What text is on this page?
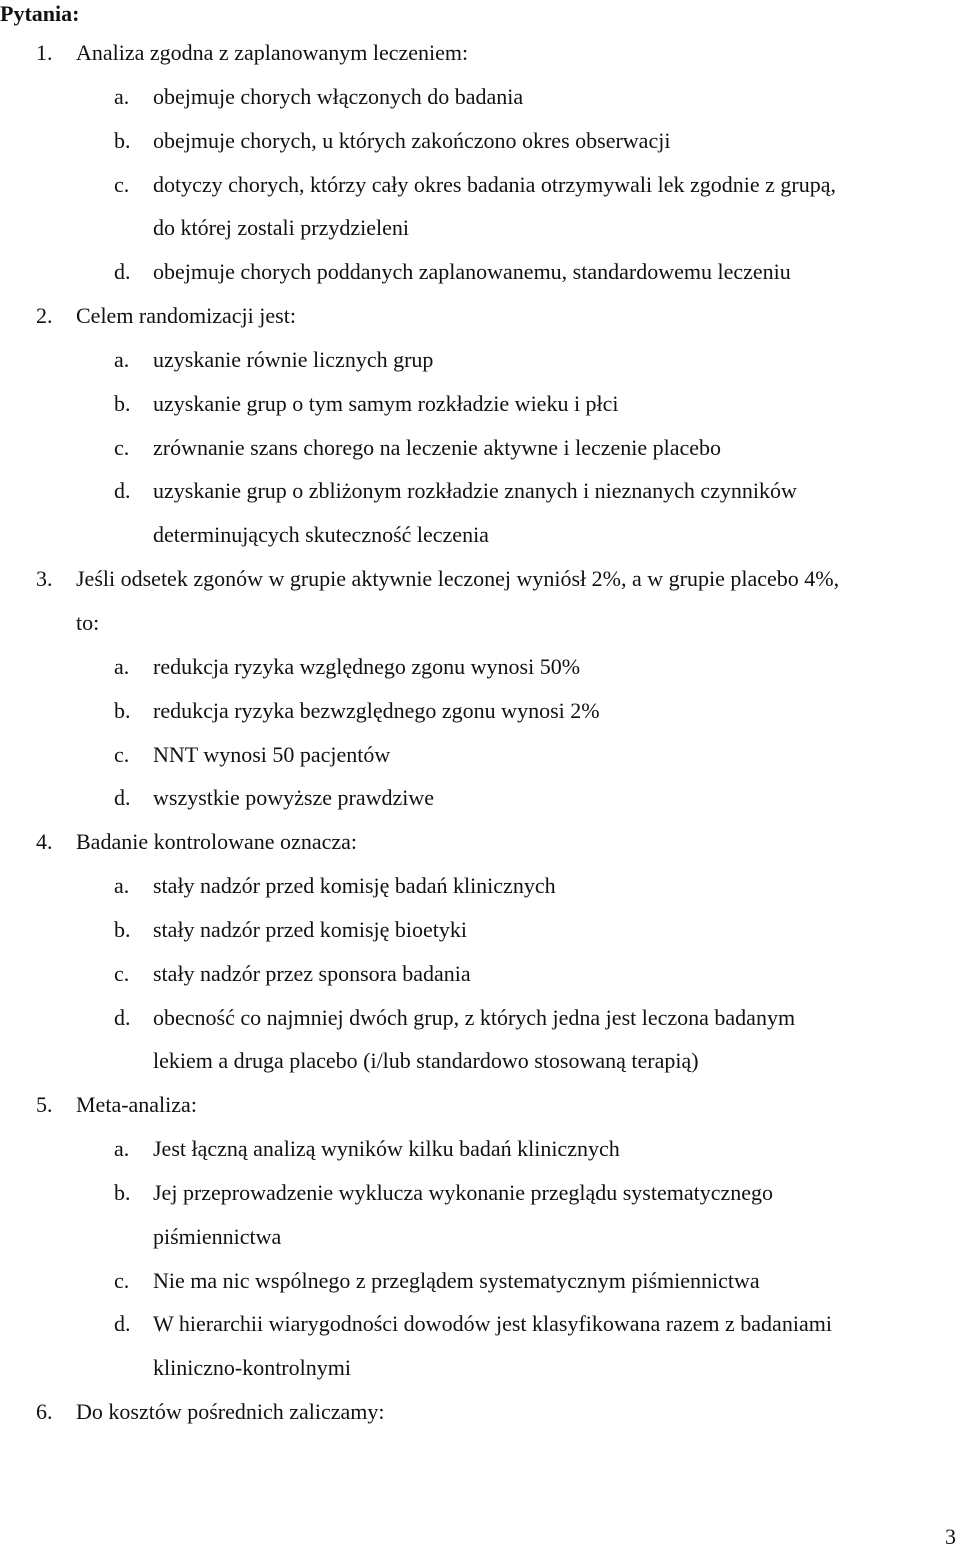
Pytania:
1. Analiza zgodna z zaplanowanym leczeniem:
a. obejmuje chorych włączonych do badania
b. obejmuje chorych, u których zakończono okres obserwacji
c. dotyczy chorych, którzy cały okres badania otrzymywali lek zgodnie z grupą,
do której zostali przydzieleni
d. obejmuje chorych poddanych zaplanowanemu, standardowemu leczeniu
2. Celem randomizacji jest:
a. uzyskanie równie licznych grup
b. uzyskanie grup o tym samym rozkładzie wieku i płci
c. zrównanie szans chorego na leczenie aktywne i leczenie placebo
d. uzyskanie grup o zbliżonym rozkładzie znanych i nieznanych czynników
determinujących skuteczność leczenia
3. Jeśli odsetek zgonów w grupie aktywnie leczonej wyniósł 2%, a w grupie placebo 4%,
to:
a. redukcja ryzyka względnego zgonu wynosi 50%
b. redukcja ryzyka bezwzględnego zgonu wynosi 2%
c. NNT wynosi 50 pacjentów
d. wszystkie powyższe prawdziwe
4. Badanie kontrolowane oznacza:
a. stały nadzór przed komisję badań klinicznych
b. stały nadzór przed komisję bioetyki
c. stały nadzór przez sponsora badania
d. obecność co najmniej dwóch grup, z których jedna jest leczona badanym
lekiem a druga placebo (i/lub standardowo stosowaną terapią)
5. Meta-analiza:
a. Jest łączną analizą wyników kilku badań klinicznych
b. Jej przeprowadzenie wyklucza wykonanie przeglądu systematycznego
piśmiennictwa
c. Nie ma nic wspólnego z przeglądem systematycznym piśmiennictwa
d. W hierarchii wiarygodności dowodów jest klasyfikowana razem z badaniami
kliniczno-kontrolnymi
6. Do kosztów pośrednich zaliczamy:
3
